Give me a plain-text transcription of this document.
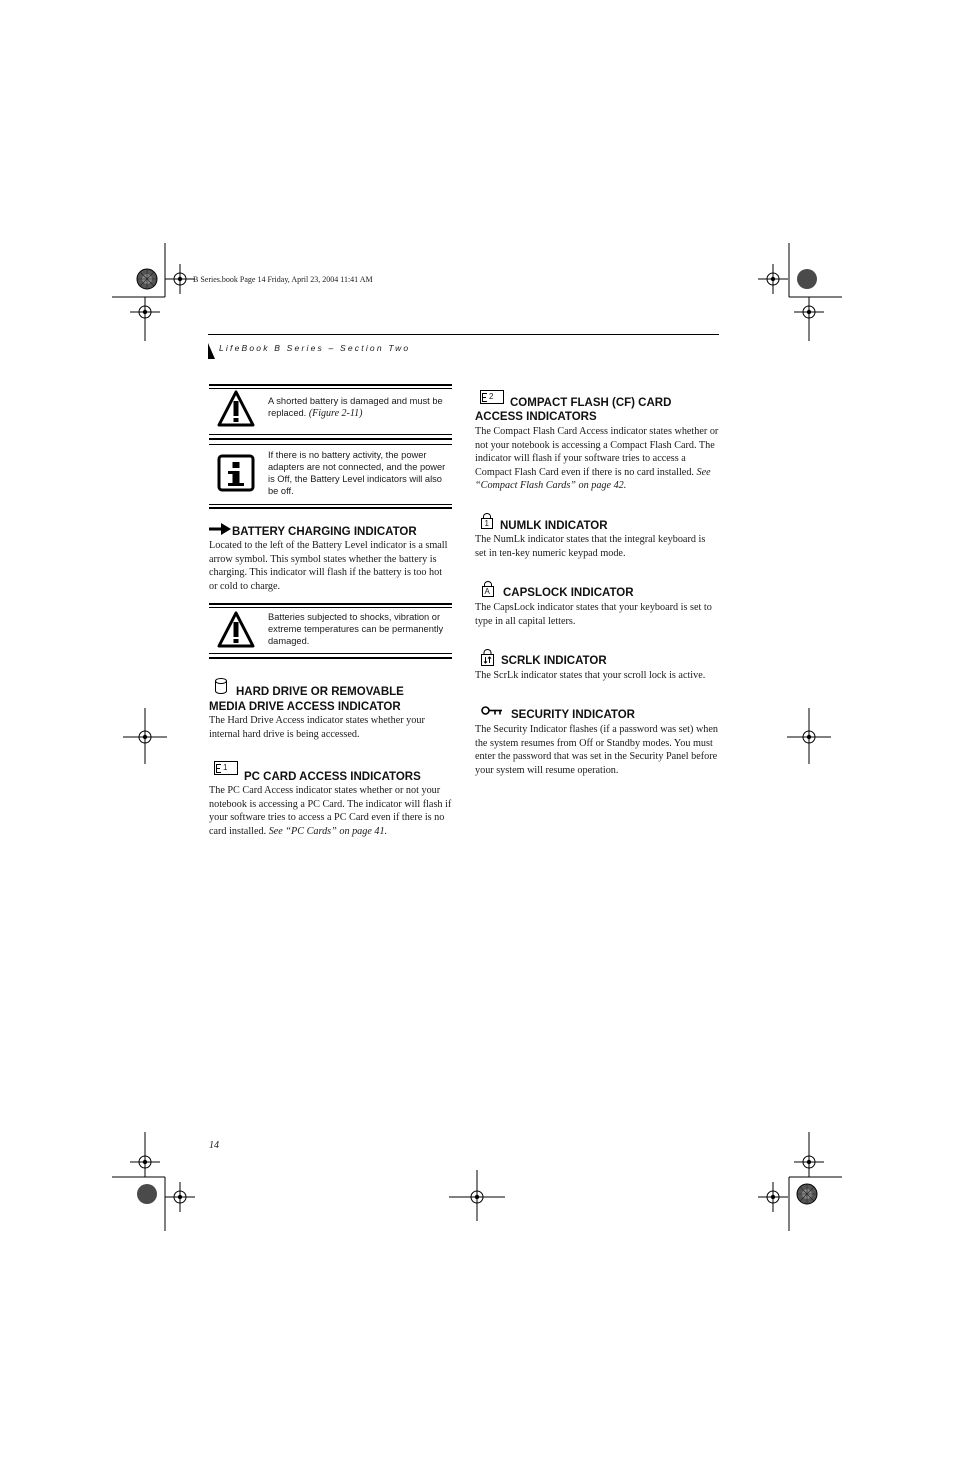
B Series.book Page 14 Friday, April 23, 2004 11:41 AM
LifeBook B Series – Section Two
A shorted battery is damaged and must be replaced. (Figure 2-11)
If there is no battery activity, the power adapters are not connected, and the power is Off, the Battery Level indicators will also be off.
BATTERY CHARGING INDICATOR
Located to the left of the Battery Level indicator is a small arrow symbol. This symbol states whether the battery is charging. This indicator will flash if the battery is too hot or cold to charge.
Batteries subjected to shocks, vibration or extreme temperatures can be permanently damaged.
HARD DRIVE OR REMOVABLE
MEDIA DRIVE ACCESS INDICATOR
The Hard Drive Access indicator states whether your internal hard drive is being accessed.
1
PC CARD ACCESS INDICATORS
The PC Card Access indicator states whether or not your notebook is accessing a PC Card. The indicator will flash if your software tries to access a PC Card even if there is no card installed. See “PC Cards” on page 41.
2
COMPACT FLASH (CF) CARD
ACCESS INDICATORS
The Compact Flash Card Access indicator states whether or not your notebook is accessing a Compact Flash Card. The indicator will flash if your software tries to access a Compact Flash Card even if there is no card installed. See “Compact Flash Cards” on page 42.
1 NUMLK INDICATOR
The NumLk indicator states that the integral keyboard is set in ten-key numeric keypad mode.
A CAPSLOCK INDICATOR
The CapsLock indicator states that your keyboard is set to type in all capital letters.
SCRLK INDICATOR
The ScrLk indicator states that your scroll lock is active.
SECURITY INDICATOR
The Security Indicator flashes (if a password was set) when the system resumes from Off or Standby modes. You must enter the password that was set in the Security Panel before your system will resume operation.
14
